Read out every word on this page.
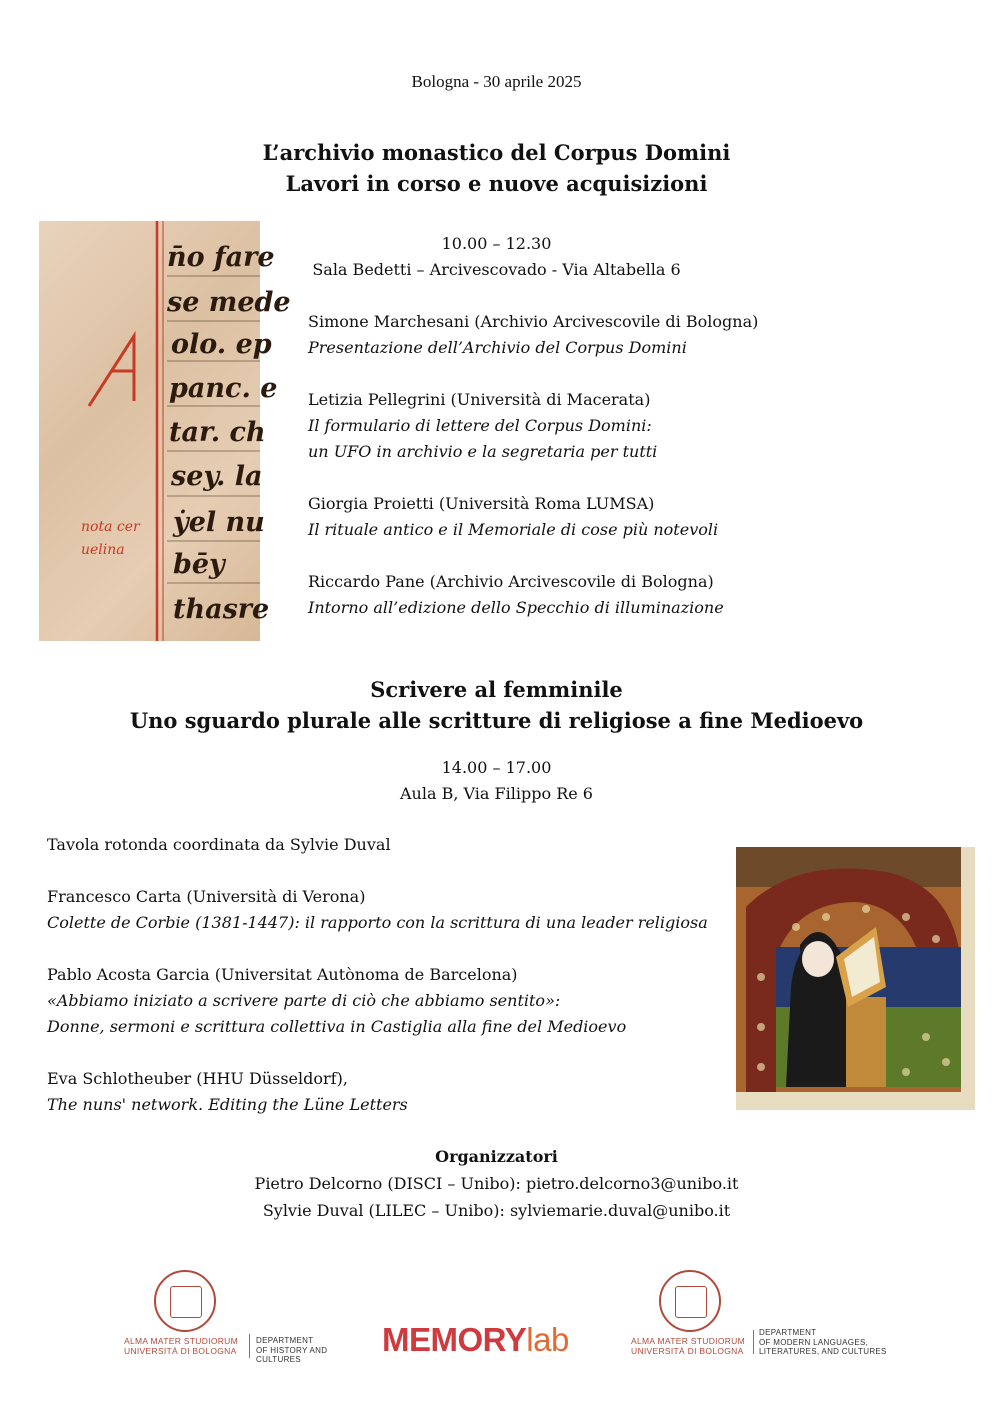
Bologna - 30 aprile 2025
L’archivio monastico del Corpus Domini
Lavori in corso e nuove acquisizioni
n̄o fare
se mede
olo. ep
panc. e
tar. ch
sey. la
ẏel nu
bēy
thasre
nota cer
uelina
10.00 – 12.30
Sala Bedetti – Arcivescovado - Via Altabella 6
Simone Marchesani (Archivio Arcivescovile di Bologna)
Presentazione dell’Archivio del Corpus Domini
Letizia Pellegrini (Università di Macerata)
Il formulario di lettere del Corpus Domini:
un UFO in archivio e la segretaria per tutti
Giorgia Proietti (Università Roma LUMSA)
Il rituale antico e il Memoriale di cose più notevoli
Riccardo Pane (Archivio Arcivescovile di Bologna)
Intorno all’edizione dello Specchio di illuminazione
Scrivere al femminile
Uno sguardo plurale alle scritture di religiose a fine Medioevo
14.00 – 17.00
Aula B, Via Filippo Re 6
Tavola rotonda coordinata da Sylvie Duval
Francesco Carta (Università di Verona)
Colette de Corbie (1381-1447): il rapporto con la scrittura di una leader religiosa
Pablo Acosta Garcia (Universitat Autònoma de Barcelona)
«Abbiamo iniziato a scrivere parte di ciò che abbiamo sentito»:
Donne, sermoni e scrittura collettiva in Castiglia alla fine del Medioevo
Eva Schlotheuber (HHU Düsseldorf),
The nuns' network. Editing the Lüne Letters
Organizzatori
Pietro Delcorno (DISCI – Unibo): pietro.delcorno3@unibo.it
Sylvie Duval (LILEC – Unibo): sylviemarie.duval@unibo.it
ALMA MATER STUDIORUM
UNIVERSITÀ DI BOLOGNA
DEPARTMENT
OF HISTORY AND CULTURES
MEMORYlab	ALMA MATER STUDIORUM
UNIVERSITÀ DI BOLOGNA
DEPARTMENT
OF MODERN LANGUAGES,
LITERATURES, AND CULTURES
